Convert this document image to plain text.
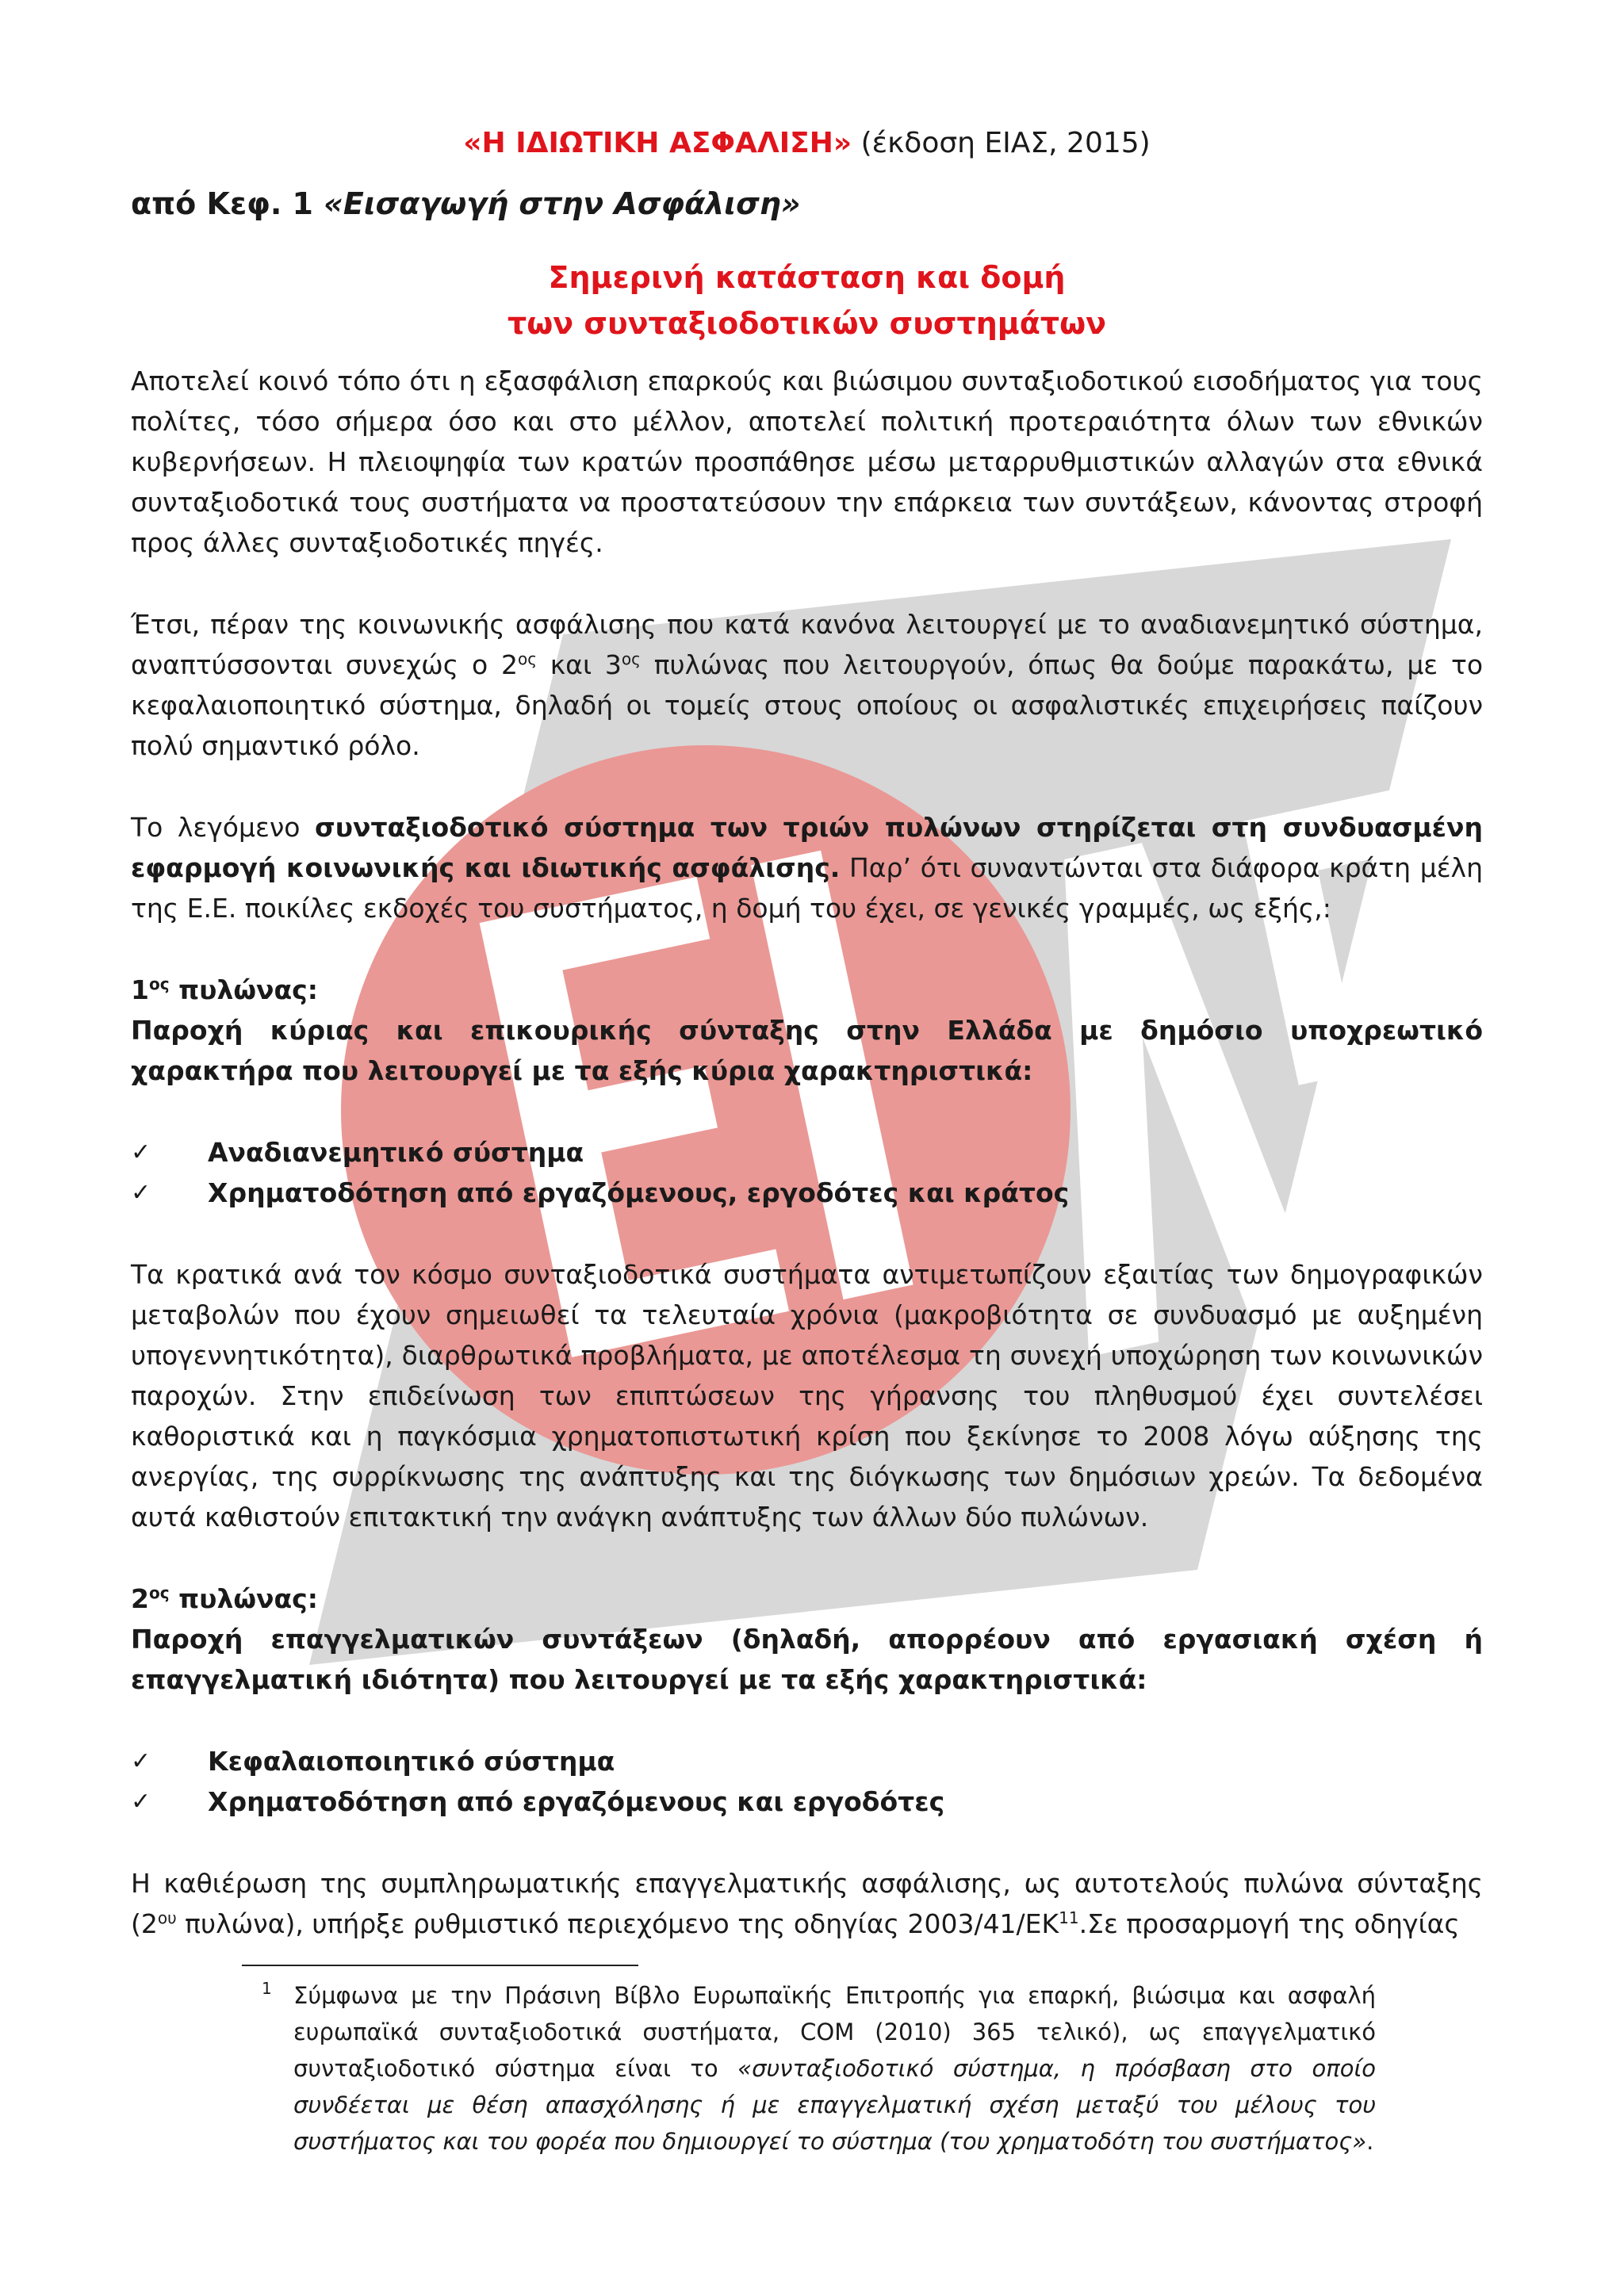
«Η ΙΔΙΩΤΙΚΗ ΑΣΦΑΛΙΣΗ» (έκδοση ΕΙΑΣ, 2015)
από Κεφ. 1 «Εισαγωγή στην Ασφάλιση»
Σημερινή κατάσταση και δομή
των συνταξιοδοτικών συστημάτων

Αποτελεί κοινό τόπο ότι η εξασφάλιση επαρκούς και βιώσιμου συνταξιοδοτικού εισοδήματος για τους πολίτες, τόσο σήμερα όσο και στο μέλλον, αποτελεί πολιτική προτεραιότητα όλων των εθνικών κυβερνήσεων. Η πλειοψηφία των κρατών προσπάθησε μέσω μεταρρυθμιστικών αλλαγών στα εθνικά συνταξιοδοτικά τους συστήματα να προστατεύσουν την επάρκεια των συντάξεων, κάνοντας στροφή προς άλλες συνταξιοδοτικές πηγές.

Έτσι, πέραν της κοινωνικής ασφάλισης που κατά κανόνα λειτουργεί με το αναδιανεμητικό σύστημα, αναπτύσσονται συνεχώς ο $2^{o\varsigma}$ και $3^{o\varsigma}$ πυλώνας που λειτουργούν, όπως θα δούμε παρακάτω, με το κεφαλαιοποιητικό σύστημα, δηλαδή οι τομείς στους οποίους οι ασφαλιστικές επιχειρήσεις παίζουν πολύ σημαντικό ρόλο.

Το λεγόμενο συνταξιοδοτικό σύστημα των τριών πυλώνων στηρίζεται στη συνδυασμένη εφαρμογή κοινωνικής και ιδιωτικής ασφάλισης. Παρ’ ότι συναντώνται στα διάφορα κράτη μέλη της Ε.Ε. ποικίλες εκδοχές του συστήματος, η δομή του έχει, σε γενικές γραμμές, ως εξής,:

$1^{o\varsigma}$ πυλώνας:
Παροχή κύριας και επικουρικής σύνταξης στην Ελλάδα με δημόσιο υποχρεωτικό χαρακτήρα που λειτουργεί με τα εξής κύρια χαρακτηριστικά:
✓ Αναδιανεμητικό σύστημα
✓ Χρηματοδότηση από εργαζόμενους, εργοδότες και κράτος

Τα κρατικά ανά τον κόσμο συνταξιοδοτικά συστήματα αντιμετωπίζουν εξαιτίας των δημογραφικών μεταβολών που έχουν σημειωθεί τα τελευταία χρόνια (μακροβιότητα σε συνδυασμό με αυξημένη υπογεννητικότητα), διαρθρωτικά προβλήματα, με αποτέλεσμα τη συνεχή υποχώρηση των κοινωνικών παροχών. Στην επιδείνωση των επιπτώσεων της γήρανσης του πληθυσμού έχει συντελέσει καθοριστικά και η παγκόσμια χρηματοπιστωτική κρίση που ξεκίνησε το 2008 λόγω αύξησης της ανεργίας, της συρρίκνωσης της ανάπτυξης και της διόγκωσης των δημόσιων χρεών. Τα δεδομένα αυτά καθιστούν επιτακτική την ανάγκη ανάπτυξης των άλλων δύο πυλώνων.

$2^{o\varsigma}$ πυλώνας:
Παροχή επαγγελματικών συντάξεων (δηλαδή, απορρέουν από εργασιακή σχέση ή επαγγελματική ιδιότητα) που λειτουργεί με τα εξής χαρακτηριστικά:
✓ Κεφαλαιοποιητικό σύστημα
✓ Χρηματοδότηση από εργαζόμενους και εργοδότες

Η καθιέρωση της συμπληρωματικής επαγγελματικής ασφάλισης, ως αυτοτελούς πυλώνα σύνταξης ($2^{o\upsilon}$ πυλώνα), υπήρξε ρυθμιστικό περιεχόμενο της οδηγίας 2003/41/ΕΚ$^{11}$.Σε προσαρμογή της οδηγίας

1 Σύμφωνα με την Πράσινη Βίβλο Ευρωπαϊκής Επιτροπής για επαρκή, βιώσιμα και ασφαλή ευρωπαϊκά συνταξιοδοτικά συστήματα, COM (2010) 365 τελικό), ως επαγγελματικό συνταξιοδοτικό σύστημα είναι το «συνταξιοδοτικό σύστημα, η πρόσβαση στο οποίο συνδέεται με θέση απασχόλησης ή με επαγγελματική σχέση μεταξύ του μέλους του συστήματος και του φορέα που δημιουργεί το σύστημα (του χρηματοδότη του συστήματος».
